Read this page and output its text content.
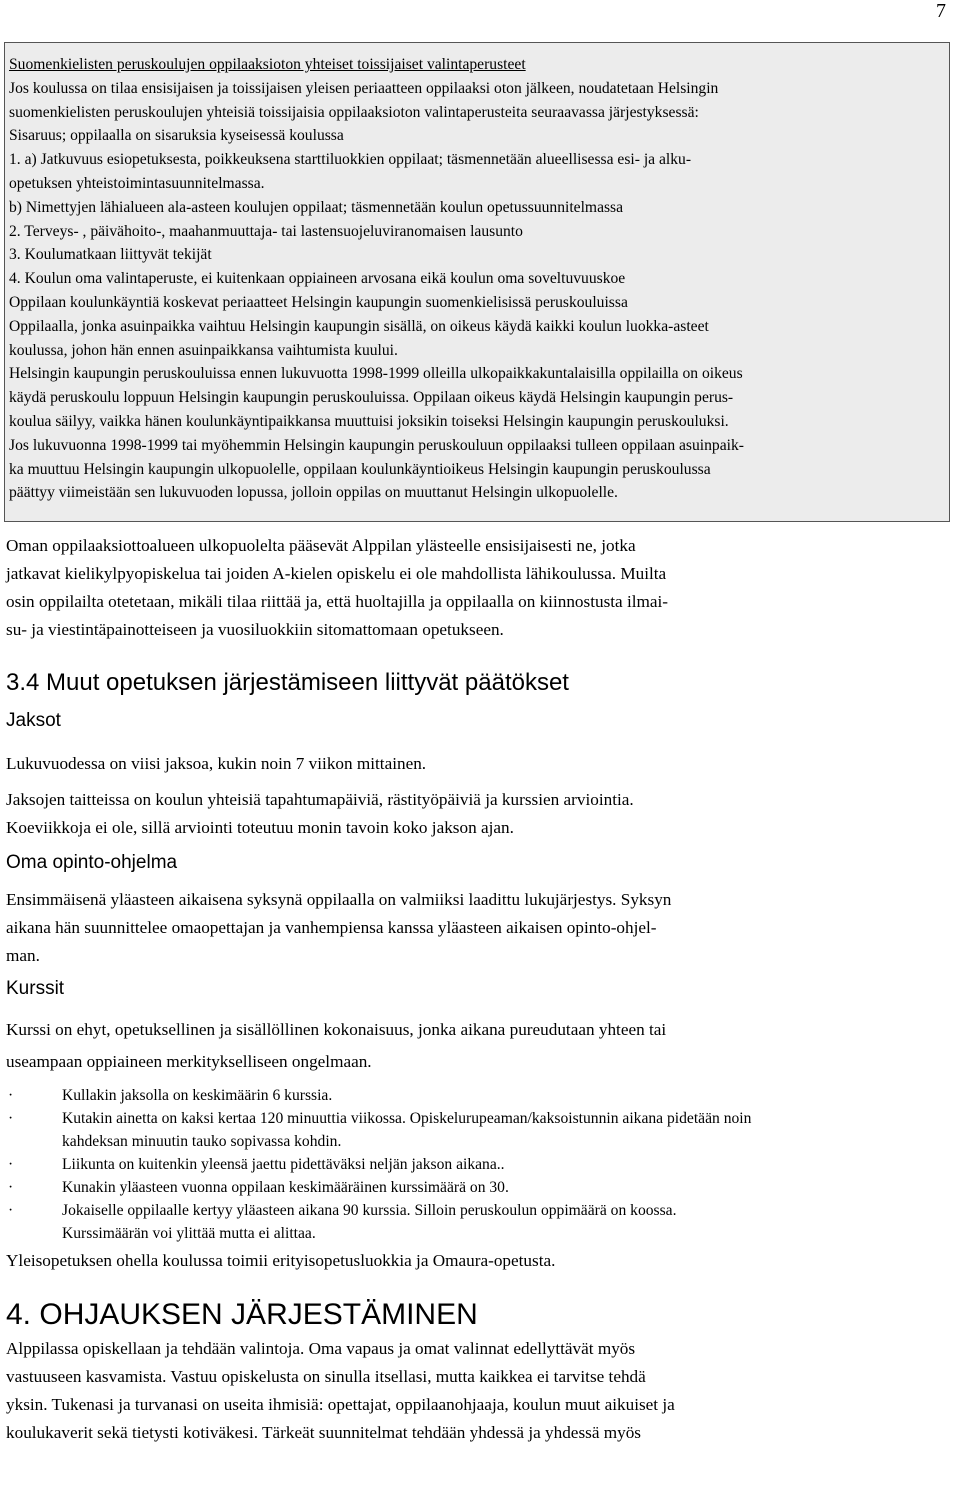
7
Suomenkielisten peruskoulujen oppilaaksioton yhteiset toissijaiset valintaperusteet
Jos koulussa on tilaa ensisijaisen ja toissijaisen yleisen periaatteen oppilaaksi oton jälkeen, noudatetaan Helsingin
suomenkielisten peruskoulujen yhteisiä toissijaisia oppilaaksioton valintaperusteita seuraavassa järjestyksessä:
Sisaruus; oppilaalla on sisaruksia kyseisessä koulussa
1. a) Jatkuvuus esiopetuksesta, poikkeuksena starttiluokkien oppilaat; täsmennetään alueellisessa esi- ja alku-
opetuksen yhteistoimintasuunnitelmassa.
b) Nimettyjen lähialueen ala-asteen koulujen oppilaat; täsmennetään koulun opetussuunnitelmassa
2. Terveys- , päivähoito-, maahanmuuttaja- tai lastensuojeluviranomaisen lausunto
3. Koulumatkaan liittyvät tekijät
4. Koulun oma valintaperuste, ei kuitenkaan oppiaineen arvosana eikä koulun oma soveltuvuuskoe
Oppilaan koulunkäyntiä koskevat periaatteet Helsingin kaupungin suomenkielisissä peruskouluissa
Oppilaalla, jonka asuinpaikka vaihtuu Helsingin kaupungin sisällä, on oikeus käydä kaikki koulun luokka-asteet
koulussa, johon hän ennen asuinpaikkansa vaihtumista kuului.
Helsingin kaupungin peruskouluissa ennen lukuvuotta 1998-1999 olleilla ulkopaikkakuntalaisilla oppilailla on oikeus
käydä peruskoulu loppuun Helsingin kaupungin peruskouluissa. Oppilaan oikeus käydä Helsingin kaupungin perus-
koulua säilyy, vaikka hänen koulunkäyntipaikkansa muuttuisi joksikin toiseksi Helsingin kaupungin peruskouluksi.
Jos lukuvuonna 1998-1999 tai myöhemmin Helsingin kaupungin peruskouluun oppilaaksi tulleen oppilaan asuinpaik-
ka muuttuu Helsingin kaupungin ulkopuolelle, oppilaan koulunkäyntioikeus Helsingin kaupungin peruskoulussa
päättyy viimeistään sen lukuvuoden lopussa, jolloin oppilas on muuttanut Helsingin ulkopuolelle.

Oman oppilaaksiottoalueen ulkopuolelta pääsevät Alppilan ylästeelle ensisijaisesti ne, jotka

jatkavat kielikylpyopiskelua tai joiden A-kielen opiskelu ei ole mahdollista lähikoulussa. Muilta

osin oppilailta otetetaan, mikäli tilaa riittää ja, että huoltajilla ja oppilaalla on kiinnostusta ilmai-

su- ja viestintäpainotteiseen ja vuosiluokkiin sitomattomaan opetukseen.

3.4 Muut opetuksen järjestämiseen liittyvät päätökset
Jaksot

Lukuvuodessa on viisi jaksoa, kukin noin 7 viikon mittainen.

Jaksojen taitteissa on koulun yhteisiä tapahtumapäiviä, rästityöpäiviä ja kurssien arviointia.

Koeviikkoja ei ole, sillä arviointi toteutuu monin tavoin koko jakson ajan.

Oma opinto-ohjelma

Ensimmäisenä yläasteen aikaisena syksynä oppilaalla on valmiiksi laadittu lukujärjestys. Syksyn

aikana hän suunnittelee omaopettajan ja vanhempiensa kanssa yläasteen aikaisen opinto-ohjel-

man.

Kurssit

Kurssi on ehyt, opetuksellinen ja sisällöllinen kokonaisuus, jonka aikana pureudutaan yhteen tai

useampaan oppiaineen merkitykselliseen ongelmaan.

·	Kullakin jaksolla on keskimäärin 6 kurssia.
·	Kutakin ainetta on kaksi kertaa 120 minuuttia viikossa. Opiskelurupeaman/kaksoistunnin aikana pidetään noin
kahdeksan minuutin tauko sopivassa kohdin.
·	Liikunta on kuitenkin yleensä jaettu pidettäväksi neljän jakson aikana..
·	Kunakin yläasteen vuonna oppilaan keskimääräinen kurssimäärä on 30.
·	Jokaiselle oppilaalle kertyy yläasteen aikana 90 kurssia. Silloin peruskoulun oppimäärä on koossa.
Kurssimäärän voi ylittää mutta ei alittaa.

Yleisopetuksen ohella koulussa toimii erityisopetusluokkia ja Omaura-opetusta.

4. OHJAUKSEN JÄRJESTÄMINEN

Alppilassa opiskellaan ja tehdään valintoja. Oma vapaus ja omat valinnat edellyttävät myös

vastuuseen kasvamista. Vastuu opiskelusta on sinulla itsellasi, mutta kaikkea ei tarvitse tehdä

yksin. Tukenasi ja turvanasi on useita ihmisiä: opettajat, oppilaanohjaaja, koulun muut aikuiset ja

koulukaverit sekä tietysti kotiväkesi. Tärkeät suunnitelmat tehdään yhdessä ja yhdessä myös
